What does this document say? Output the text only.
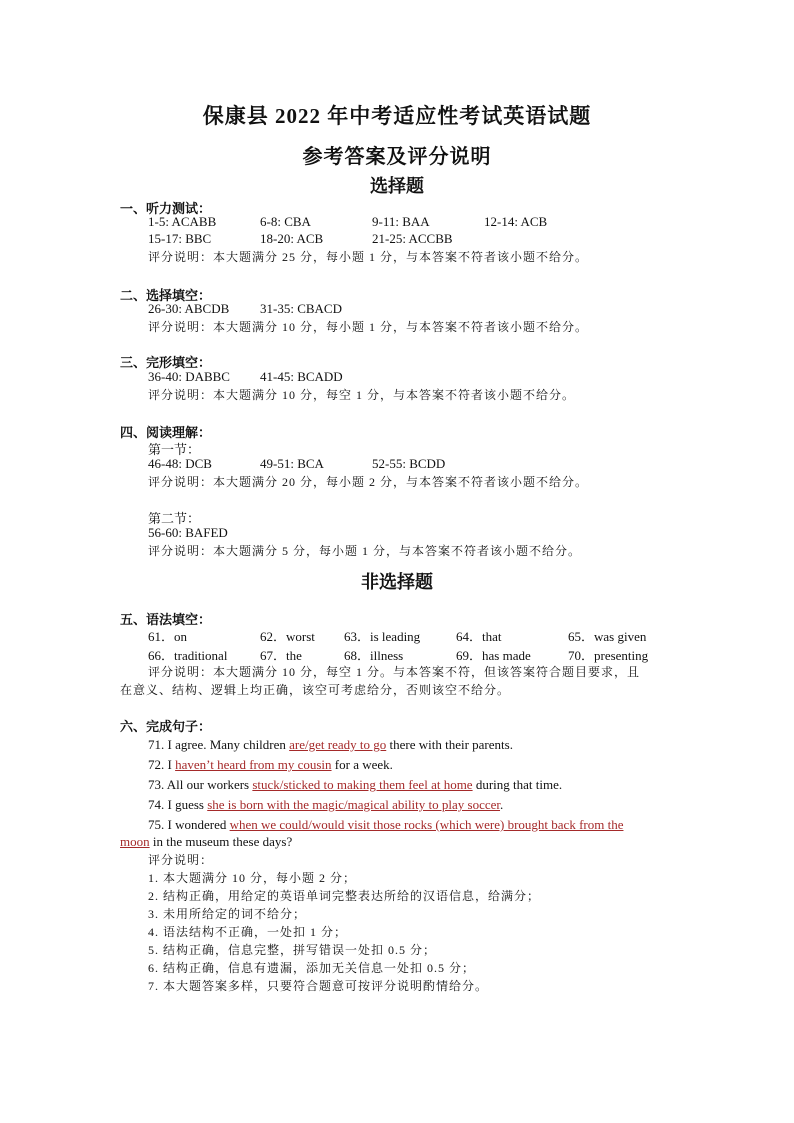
保康县 2022 年中考适应性考试英语试题
参考答案及评分说明
选择题
一、听力测试：
1-5: ACABB	6-8: CBA	9-11: BAA	12-14: ACB
15-17: BBC	18-20: ACB	21-25: ACCBB
评分说明：本大题满分 25 分，每小题 1 分，与本答案不符者该小题不给分。
二、选择填空：
26-30: ABCDB 31-35: CBACD
评分说明：本大题满分 10 分，每小题 1 分，与本答案不符者该小题不给分。
三、完形填空：
36-40: DABBC 41-45: BCADD
评分说明：本大题满分 10 分，每空 1 分，与本答案不符者该小题不给分。
四、阅读理解：
第一节：
46-48: DCB	49-51: BCA	52-55: BCDD
评分说明：本大题满分 20 分，每小题 2 分，与本答案不符者该小题不给分。
第二节：
56-60: BAFED
评分说明：本大题满分 5 分，每小题 1 分，与本答案不符者该小题不给分。
非选择题
五、语法填空：
61．on	62．worst 63．is leading	64．that	65．was given
66．traditional	67．the	68．illness	69．has made	70．presenting
评分说明：本大题满分 10 分，每空 1 分。与本答案不符，但该答案符合题目要求，且
在意义、结构、逻辑上均正确，该空可考虑给分，否则该空不给分。
六、完成句子：
71. I agree. Many children are/get ready to go there with their parents.
72. I haven’t heard from my cousin for a week.
73. All our workers stuck/sticked to making them feel at home during that time.
74. I guess she is born with the magic/magical ability to play soccer.
75. I wondered when we could/would visit those rocks (which were) brought back from the
moon in the museum these days?
评分说明：
1. 本大题满分 10 分，每小题 2 分；
2. 结构正确，用给定的英语单词完整表达所给的汉语信息，给满分；
3. 未用所给定的词不给分；
4. 语法结构不正确，一处扣 1 分；
5. 结构正确，信息完整，拼写错误一处扣 0.5 分；
6. 结构正确，信息有遗漏，添加无关信息一处扣 0.5 分；
7. 本大题答案多样，只要符合题意可按评分说明酌情给分。
